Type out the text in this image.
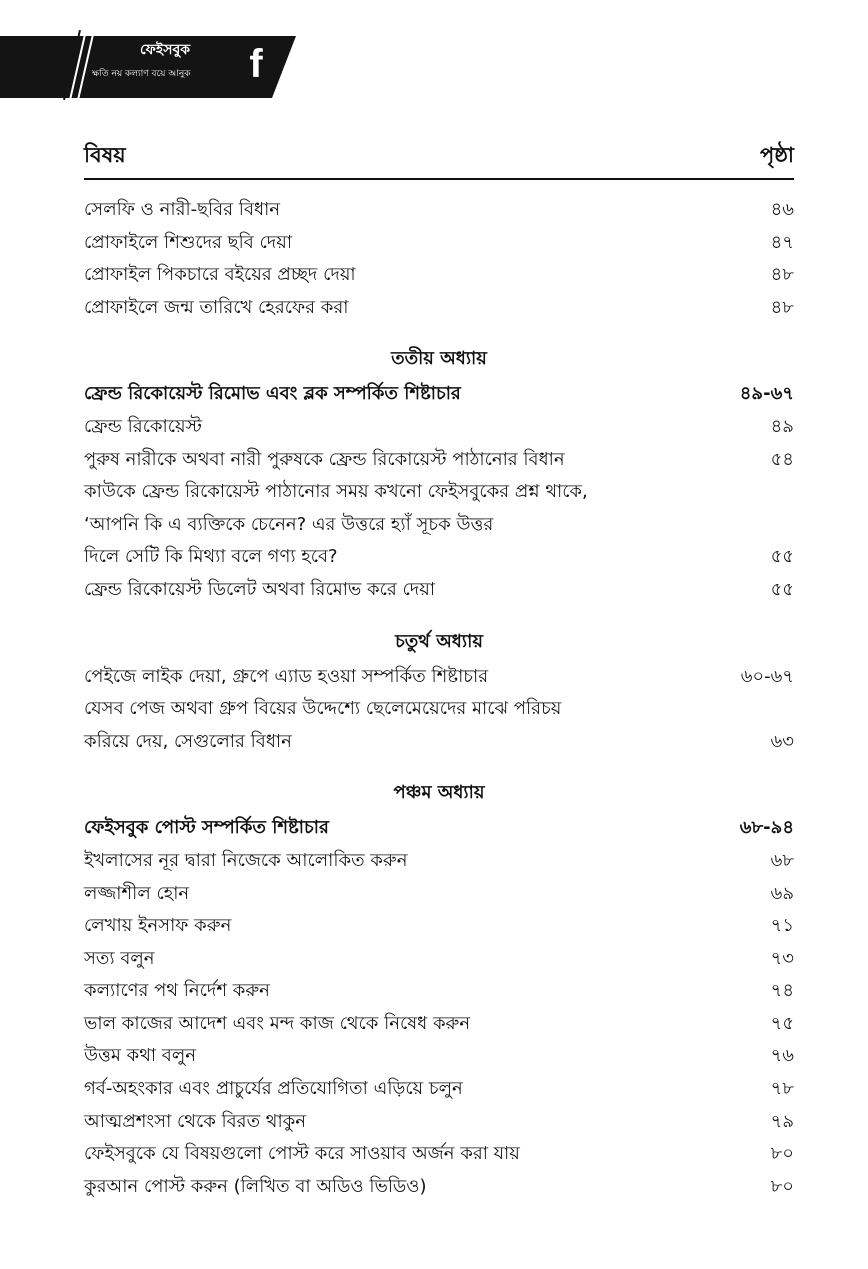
ফেইসবুক
ক্ষতি নয় কল্যাণ বয়ে আনুক f
বিষয়	পৃষ্ঠা
সেলফি ও নারী-ছবির বিধান	৪৬
প্রোফাইলে শিশুদের ছবি দেয়া	৪৭
প্রোফাইল পিকচারে বইয়ের প্রচ্ছদ দেয়া	৪৮
প্রোফাইলে জন্ম তারিখে হেরফের করা	৪৮
ততীয় অধ্যায়
ফ্রেন্ড রিকোয়েস্ট রিমোভ এবং ব্লক সম্পর্কিত শিষ্টাচার	৪৯-৬৭
ফ্রেন্ড রিকোয়েস্ট	৪৯
পুরুষ নারীকে অথবা নারী পুরুষকে ফ্রেন্ড রিকোয়েস্ট পাঠানোর বিধান	৫৪
কাউকে ফ্রেন্ড রিকোয়েস্ট পাঠানোর সময় কখনো ফেইসবুকের প্রশ্ন থাকে,
‘আপনি কি এ ব্যক্তিকে চেনেন? এর উত্তরে হ্যাঁ সূচক উত্তর
দিলে সেটি কি মিথ্যা বলে গণ্য হবে?	৫৫
ফ্রেন্ড রিকোয়েস্ট ডিলেট অথবা রিমোভ করে দেয়া	৫৫
চতুর্থ অধ্যায়
পেইজে লাইক দেয়া, গ্রুপে এ্যাড হওয়া সম্পর্কিত শিষ্টাচার	৬০-৬৭
যেসব পেজ অথবা গ্রুপ বিয়ের উদ্দেশ্যে ছেলেমেয়েদের মাঝে পরিচয়
করিয়ে দেয়, সেগুলোর বিধান	৬৩
পঞ্চম অধ্যায়
ফেইসবুক পোস্ট সম্পর্কিত শিষ্টাচার	৬৮-৯৪
ইখলাসের নূর দ্বারা নিজেকে আলোকিত করুন	৬৮
লজ্জাশীল হোন	৬৯
লেখায় ইনসাফ করুন	৭১
সত্য বলুন	৭৩
কল্যাণের পথ নির্দেশ করুন	৭৪
ভাল কাজের আদেশ এবং মন্দ কাজ থেকে নিষেধ করুন	৭৫
উত্তম কথা বলুন	৭৬
গর্ব-অহংকার এবং প্রাচুর্যের প্রতিযোগিতা এড়িয়ে চলুন	৭৮
আত্মপ্রশংসা থেকে বিরত থাকুন	৭৯
ফেইসবুকে যে বিষয়গুলো পোস্ট করে সাওয়াব অর্জন করা যায়	৮০
কুরআন পোস্ট করুন (লিখিত বা অডিও ভিডিও)	৮০
